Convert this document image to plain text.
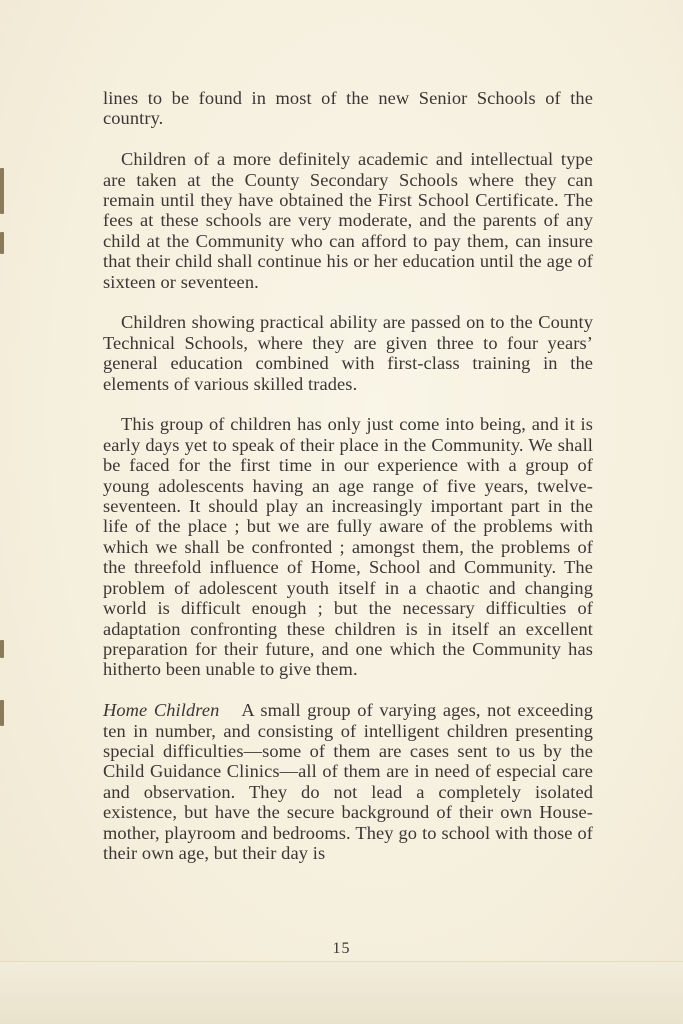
lines to be found in most of the new Senior Schools of the country.

Children of a more definitely academic and intellectual type are taken at the County Secondary Schools where they can remain until they have obtained the First School Certificate. The fees at these schools are very moderate, and the parents of any child at the Community who can afford to pay them, can insure that their child shall continue his or her education until the age of sixteen or seventeen.

Children showing practical ability are passed on to the County Technical Schools, where they are given three to four years’ general education combined with first-class training in the elements of various skilled trades.

This group of children has only just come into being, and it is early days yet to speak of their place in the Community. We shall be faced for the first time in our experience with a group of young adolescents having an age range of five years, twelve-seventeen. It should play an increasingly important part in the life of the place ; but we are fully aware of the problems with which we shall be confronted ; amongst them, the problems of the threefold influence of Home, School and Community. The problem of adolescent youth itself in a chaotic and changing world is difficult enough ; but the necessary difficulties of adaptation confronting these children is in itself an excellent preparation for their future, and one which the Community has hitherto been unable to give them.

Home Children A small group of varying ages, not exceeding ten in number, and consisting of intelligent children presenting special difficulties—some of them are cases sent to us by the Child Guidance Clinics—all of them are in need of especial care and observation. They do not lead a completely isolated existence, but have the secure background of their own House-mother, playroom and bedrooms. They go to school with those of their own age, but their day is

15
